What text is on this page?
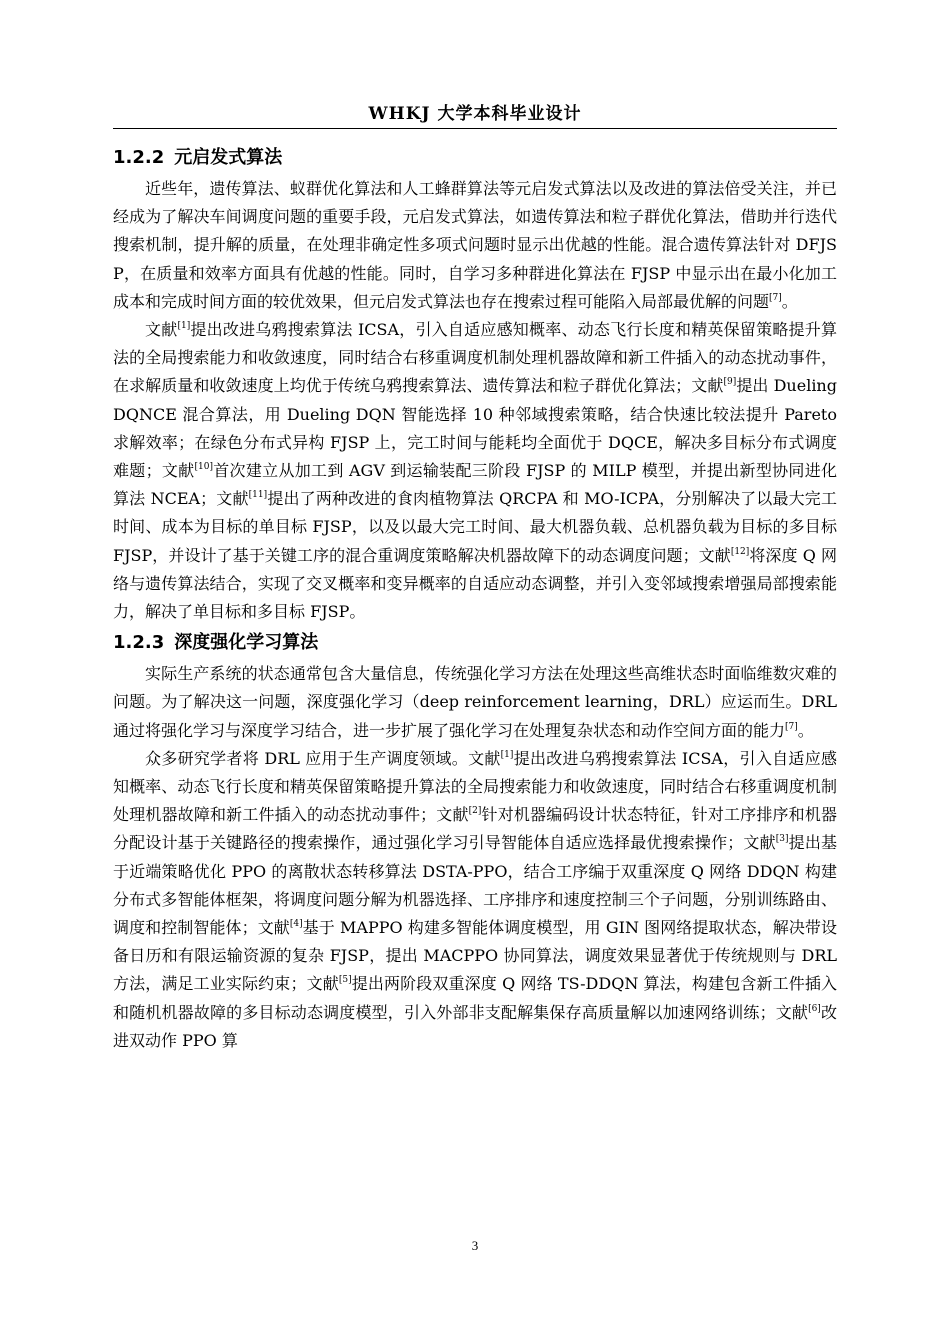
WHKJ 大学本科毕业设计
1.2.2 元启发式算法

近些年，遗传算法、蚁群优化算法和人工蜂群算法等元启发式算法以及改进的算法倍受关注，并已经成为了解决车间调度问题的重要手段，元启发式算法，如遗传算法和粒子群优化算法，借助并行迭代搜索机制，提升解的质量，在处理非确定性多项式问题时显示出优越的性能。混合遗传算法针对 DFJSP，在质量和效率方面具有优越的性能。同时，自学习多种群进化算法在 FJSP 中显示出在最小化加工成本和完成时间方面的较优效果，但元启发式算法也存在搜索过程可能陷入局部最优解的问题[7]。

文献[1]提出改进乌鸦搜索算法 ICSA，引入自适应感知概率、动态飞行长度和精英保留策略提升算法的全局搜索能力和收敛速度，同时结合右移重调度机制处理机器故障和新工件插入的动态扰动事件，在求解质量和收敛速度上均优于传统乌鸦搜索算法、遗传算法和粒子群优化算法；文献[9]提出 Dueling DQNCE 混合算法，用 Dueling DQN 智能选择 10 种邻域搜索策略，结合快速比较法提升 Pareto 求解效率；在绿色分布式异构 FJSP 上，完工时间与能耗均全面优于 DQCE，解决多目标分布式调度难题；文献[10]首次建立从加工到 AGV 到运输装配三阶段 FJSP 的 MILP 模型，并提出新型协同进化算法 NCEA；文献[11]提出了两种改进的食肉植物算法 QRCPA 和 MO-ICPA，分别解决了以最大完工时间、成本为目标的单目标 FJSP，以及以最大完工时间、最大机器负载、总机器负载为目标的多目标 FJSP，并设计了基于关键工序的混合重调度策略解决机器故障下的动态调度问题；文献[12]将深度 Q 网络与遗传算法结合，实现了交叉概率和变异概率的自适应动态调整，并引入变邻域搜索增强局部搜索能力，解决了单目标和多目标 FJSP。

1.2.3 深度强化学习算法

实际生产系统的状态通常包含大量信息，传统强化学习方法在处理这些高维状态时面临维数灾难的问题。为了解决这一问题，深度强化学习（deep reinforcement learning，DRL）应运而生。DRL 通过将强化学习与深度学习结合，进一步扩展了强化学习在处理复杂状态和动作空间方面的能力[7]。

众多研究学者将 DRL 应用于生产调度领域。文献[1]提出改进乌鸦搜索算法 ICSA，引入自适应感知概率、动态飞行长度和精英保留策略提升算法的全局搜索能力和收敛速度，同时结合右移重调度机制处理机器故障和新工件插入的动态扰动事件；文献[2]针对机器编码设计状态特征，针对工序排序和机器分配设计基于关键路径的搜索操作，通过强化学习引导智能体自适应选择最优搜索操作；文献[3]提出基于近端策略优化 PPO 的离散状态转移算法 DSTA-PPO，结合工序编于双重深度 Q 网络 DDQN 构建分布式多智能体框架，将调度问题分解为机器选择、工序排序和速度控制三个子问题，分别训练路由、调度和控制智能体；文献[4]基于 MAPPO 构建多智能体调度模型，用 GIN 图网络提取状态，解决带设备日历和有限运输资源的复杂 FJSP，提出 MACPPO 协同算法，调度效果显著优于传统规则与 DRL 方法，满足工业实际约束；文献[5]提出两阶段双重深度 Q 网络 TS-DDQN 算法，构建包含新工件插入和随机机器故障的多目标动态调度模型，引入外部非支配解集保存高质量解以加速网络训练；文献[6]改进双动作 PPO 算

3
